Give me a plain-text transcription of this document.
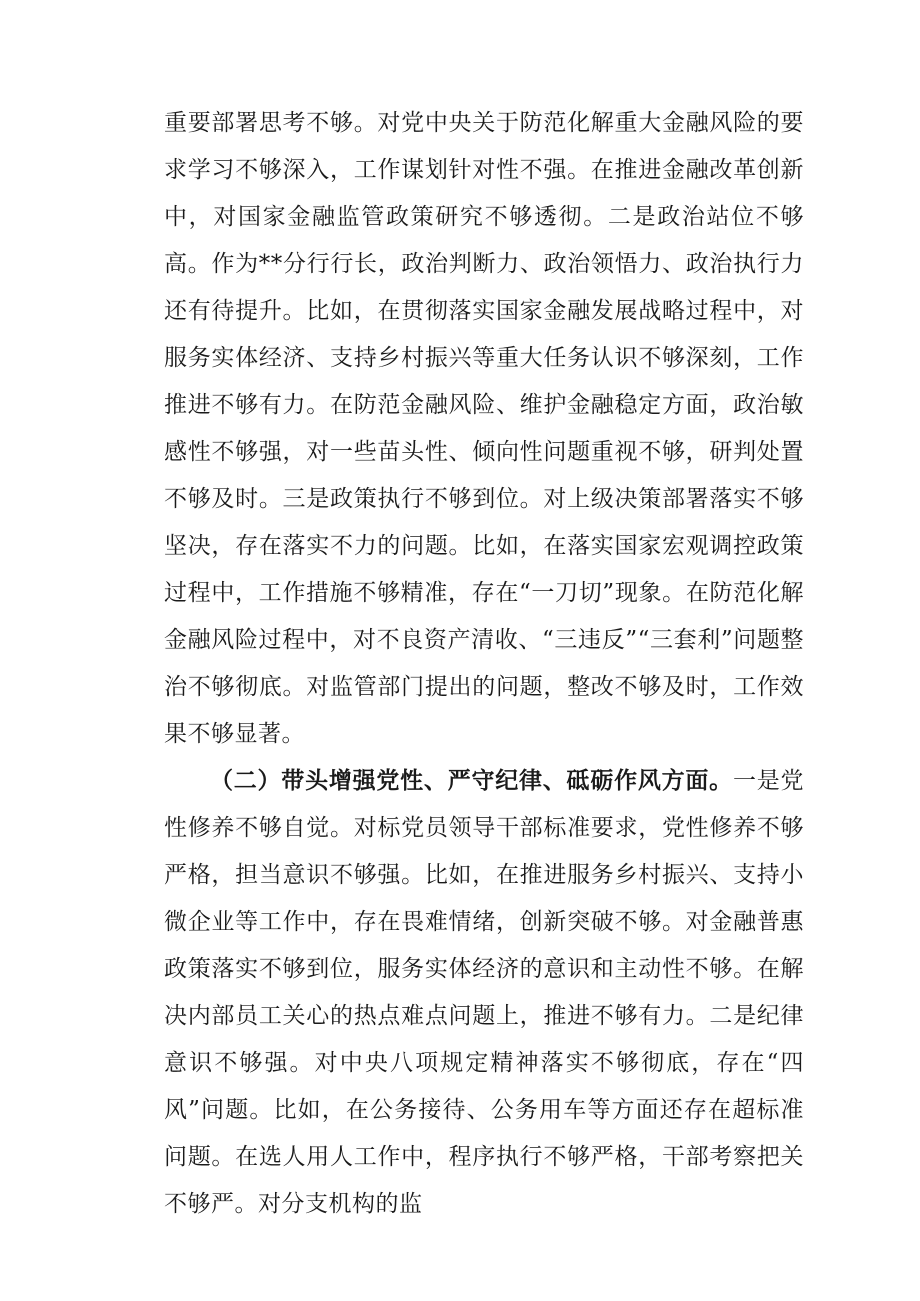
重要部署思考不够。对党中央关于防范化解重大金融风险的要求学习不够深入，工作谋划针对性不强。在推进金融改革创新中，对国家金融监管政策研究不够透彻。二是政治站位不够高。作为**分行行长，政治判断力、政治领悟力、政治执行力还有待提升。比如，在贯彻落实国家金融发展战略过程中，对服务实体经济、支持乡村振兴等重大任务认识不够深刻，工作推进不够有力。在防范金融风险、维护金融稳定方面，政治敏感性不够强，对一些苗头性、倾向性问题重视不够，研判处置不够及时。三是政策执行不够到位。对上级决策部署落实不够坚决，存在落实不力的问题。比如，在落实国家宏观调控政策过程中，工作措施不够精准，存在“一刀切”现象。在防范化解金融风险过程中，对不良资产清收、“三违反”“三套利”问题整治不够彻底。对监管部门提出的问题，整改不够及时，工作效果不够显著。

（二）带头增强党性、严守纪律、砥砺作风方面。一是党性修养不够自觉。对标党员领导干部标准要求，党性修养不够严格，担当意识不够强。比如，在推进服务乡村振兴、支持小微企业等工作中，存在畏难情绪，创新突破不够。对金融普惠政策落实不够到位，服务实体经济的意识和主动性不够。在解决内部员工关心的热点难点问题上，推进不够有力。二是纪律意识不够强。对中央八项规定精神落实不够彻底，存在“四风”问题。比如，在公务接待、公务用车等方面还存在超标准问题。在选人用人工作中，程序执行不够严格，干部考察把关不够严。对分支机构的监
